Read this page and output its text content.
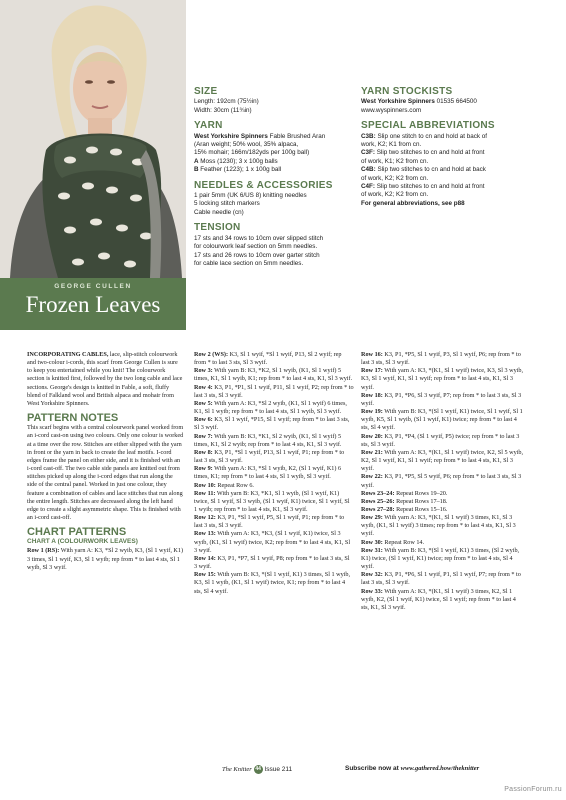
GEORGE CULLEN
Frozen Leaves
SIZE
Length: 192cm (75½in)
Width: 30cm (11¾in)
YARN
West Yorkshire Spinners Fable Brushed Aran
(Aran weight; 50% wool, 35% alpaca,
15% mohair; 166m/182yds per 100g ball)
A Moss (1230); 3 x 100g balls
B Feather (1223); 1 x 100g ball
NEEDLES & ACCESSORIES
1 pair 5mm (UK 6/US 8) knitting needles
5 locking stitch markers
Cable needle (cn)
TENSION
17 sts and 34 rows to 10cm over slipped stitch
for colourwork leaf section on 5mm needles.
17 sts and 26 rows to 10cm over garter stitch
for cable lace section on 5mm needles.
YARN STOCKISTS
West Yorkshire Spinners 01535 664500
www.wyspinners.com
SPECIAL ABBREVIATIONS
C3B: Slip one stitch to cn and hold at back of
work, K2; K1 from cn.
C3F: Slip two stitches to cn and hold at front
of work, K1; K2 from cn.
C4B: Slip two stitches to cn and hold at back
of work, K2; K2 from cn.
C4F: Slip two stitches to cn and hold at front
of work, K2; K2 from cn.
For general abbreviations, see p88

INCORPORATING CABLES, lace, slip-stitch colourwork and two-colour i-cords, this scarf from George Cullen is sure to keep you entertained while you knit! The colourwork section is knitted first, followed by the two long cable and lace sections. George's design is knitted in Fable, a soft, fluffy blend of Falkland wool and British alpaca and mohair from West Yorkshire Spinners.

PATTERN NOTES

This scarf begins with a central colourwork panel worked from an i-cord cast-on using two colours. Only one colour is worked at a time over the row. Stitches are either slipped with the yarn in front or the yarn in back to create the leaf motifs. I-cord edges frame the panel on either side, and it is finished with an i-cord cast-off. The two cable side panels are knitted out from stitches picked up along the i-cord edges that run along the side of the central panel. Worked in just one colour, they feature a combination of cables and lace stitches that run along the entire length. Stitches are decreased along the left hand edge to create a slight asymmetric shape. This is finished with an i-cord cast-off.

CHART PATTERNS
CHART A (COLOURWORK LEAVES)

Row 1 (RS): With yarn A: K3, *Sl 2 wyib, K3, (Sl 1 wyif, K1) 3 times, Sl 1 wyif, K3, Sl 1 wyib; rep from * to last 4 sts, Sl 1 wyib, Sl 3 wyif.

Row 2 (WS): K3, Sl 1 wyif, *Sl 1 wyif, P13, Sl 2 wyif; rep from * to last 3 sts, Sl 3 wyif.

Row 3: With yarn B: K3, *K2, Sl 1 wyib, (K1, Sl 1 wyif) 5 times, K1, Sl 1 wyib, K1; rep from * to last 4 sts, K1, Sl 3 wyif.

Row 4: K3, P1, *P1, Sl 1 wyif, P11, Sl 1 wyif, P2; rep from * to last 3 sts, Sl 3 wyif.

Row 5: With yarn A: K3, *Sl 2 wyib, (K1, Sl 1 wyif) 6 times, K1, Sl 1 wyib; rep from * to last 4 sts, Sl 1 wyib, Sl 3 wyif.

Row 6: K3, Sl 1 wyif, *P15, Sl 1 wyif; rep from * to last 3 sts, Sl 3 wyif.

Row 7: With yarn B: K3, *K1, Sl 2 wyib, (K1, Sl 1 wyif) 5 times, K1, Sl 2 wyib; rep from * to last 4 sts, K1, Sl 3 wyif.

Row 8: K3, P1, *Sl 1 wyif, P13, Sl 1 wyif, P1; rep from * to last 3 sts, Sl 3 wyif.

Row 9: With yarn A: K3, *Sl 1 wyib, K2, (Sl 1 wyif, K1) 6 times, K1; rep from * to last 4 sts, Sl 1 wyib, Sl 3 wyif.

Row 10: Repeat Row 6.

Row 11: With yarn B: K3, *K1, Sl 1 wyib, (Sl 1 wyif, K1) twice, Sl 1 wyif, Sl 3 wyib, (Sl 1 wyif, K1) twice, Sl 1 wyif, Sl 1 wyib; rep from * to last 4 sts, K1, Sl 3 wyif.

Row 12: K3, P1, *Sl 1 wyif, P5, Sl 1 wyif, P1; rep from * to last 3 sts, Sl 3 wyif.

Row 13: With yarn A: K3, *K3, (Sl 1 wyif, K1) twice, Sl 3 wyib, (K1, Sl 1 wyif) twice, K2; rep from * to last 4 sts, K1, Sl 3 wyif.

Row 14: K3, P1, *P7, Sl 1 wyif, P8; rep from * to last 3 sts, Sl 3 wyif.

Row 15: With yarn B: K3, *(Sl 1 wyif, K1) 3 times, Sl 1 wyib, K3, Sl 1 wyib, (K1, Sl 1 wyif) twice, K1; rep from * to last 4 sts, Sl 4 wyif.

Row 16: K3, P1, *P5, Sl 1 wyif, P3, Sl 1 wyif, P6; rep from * to last 3 sts, Sl 3 wyif.

Row 17: With yarn A: K3, *(K1, Sl 1 wyif) twice, K3, Sl 3 wyib, K3, Sl 1 wyif, K1, Sl 1 wyif; rep from * to last 4 sts, K1, Sl 3 wyif.

Row 18: K3, P1, *P6, Sl 3 wyif, P7; rep from * to last 3 sts, Sl 3 wyif.

Row 19: With yarn B: K3, *(Sl 1 wyif, K1) twice, Sl 1 wyif, Sl 1 wyib, K5, Sl 1 wyib, (Sl 1 wyif, K1) twice; rep from * to last 4 sts, Sl 4 wyif.

Row 20: K3, P1, *P4, (Sl 1 wyif, P5) twice; rep from * to last 3 sts, Sl 3 wyif.

Row 21: With yarn A: K3, *(K1, Sl 1 wyif) twice, K2, Sl 5 wyib, K2, Sl 1 wyif, K1, Sl 1 wyif; rep from * to last 4 sts, K1, Sl 3 wyif.

Row 22: K3, P1, *P5, Sl 5 wyif, P6; rep from * to last 3 sts, Sl 3 wyif.

Rows 23–24: Repeat Rows 19–20.

Rows 25–26: Repeat Rows 17–18.

Rows 27–28: Repeat Rows 15–16.

Row 29: With yarn A: K3, *(K1, Sl 1 wyif) 3 times, K1, Sl 3 wyib, (K1, Sl 1 wyif) 3 times; rep from * to last 4 sts, K1, Sl 3 wyif.

Row 30: Repeat Row 14.

Row 31: With yarn B: K3, *(Sl 1 wyif, K1) 3 times, (Sl 2 wyib, K1) twice, (Sl 1 wyif, K1) twice; rep from * to last 4 sts, Sl 4 wyif.

Row 32: K3, P1, *P6, Sl 1 wyif, P1, Sl 1 wyif, P7; rep from * to last 3 sts, Sl 3 wyif.

Row 33: With yarn A: K3, *(K1, Sl 1 wyif) 3 times, K2, Sl 1 wyib, K2, (Sl 1 wyif, K1) twice, Sl 1 wyif; rep from * to last 4 sts, K1, Sl 3 wyif.

The Knitter 44 Issue 211	Subscribe now at www.gathered.how/theknitter
PassionForum.ru
